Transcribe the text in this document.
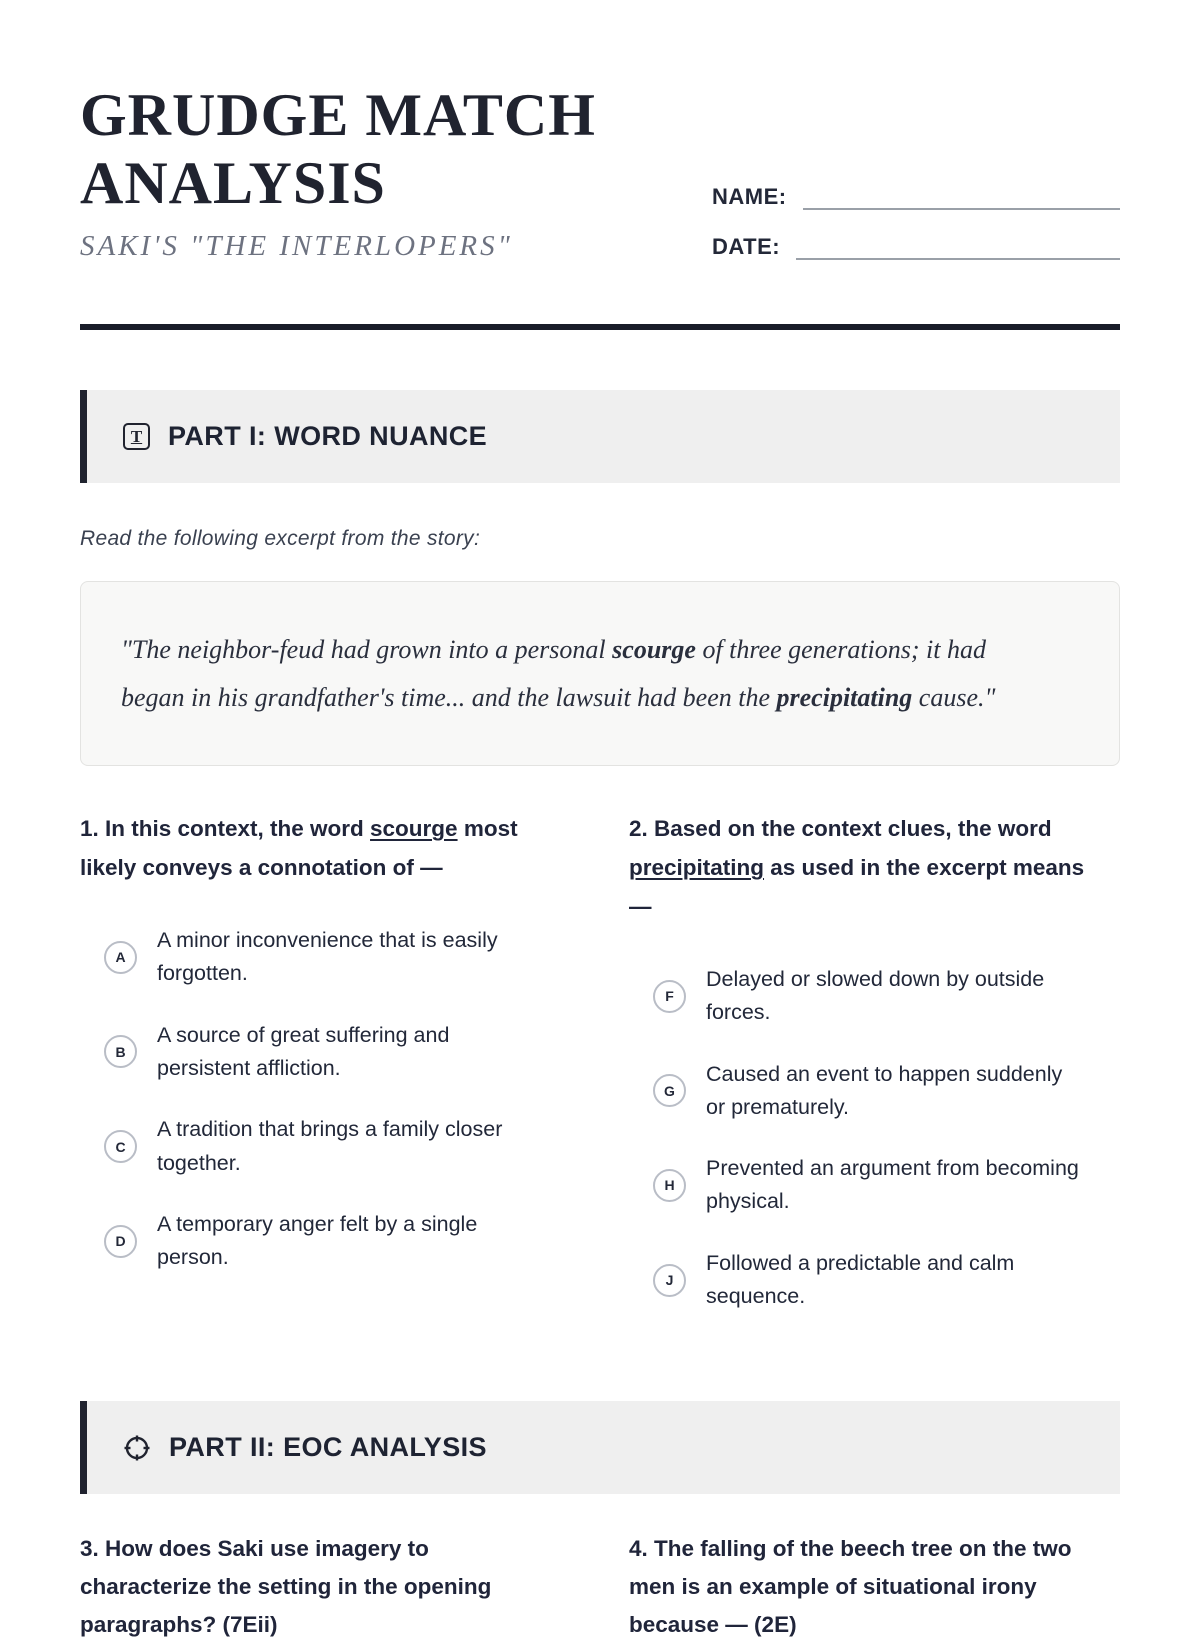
GRUDGE MATCH
ANALYSIS
SAKI'S "THE INTERLOPERS"
NAME:
DATE:
T PART I: WORD NUANCE

Read the following excerpt from the story:

"The neighbor-feud had grown into a personal scourge of three generations; it had began in his grandfather's time... and the lawsuit had been the precipitating cause."

1. In this context, the word scourge most likely conveys a connotation of —

A
A minor inconvenience that is easily forgotten.
B
A source of great suffering and persistent affliction.
C
A tradition that brings a family closer together.
D
A temporary anger felt by a single person.

2. Based on the context clues, the word precipitating as used in the excerpt means —

F
Delayed or slowed down by outside forces.
G
Caused an event to happen suddenly or prematurely.
H
Prevented an argument from becoming physical.
J
Followed a predictable and calm sequence.
PART II: EOC ANALYSIS

3. How does Saki use imagery to characterize the setting in the opening paragraphs? (7Eii)

4. The falling of the beech tree on the two men is an example of situational irony because — (2E)
